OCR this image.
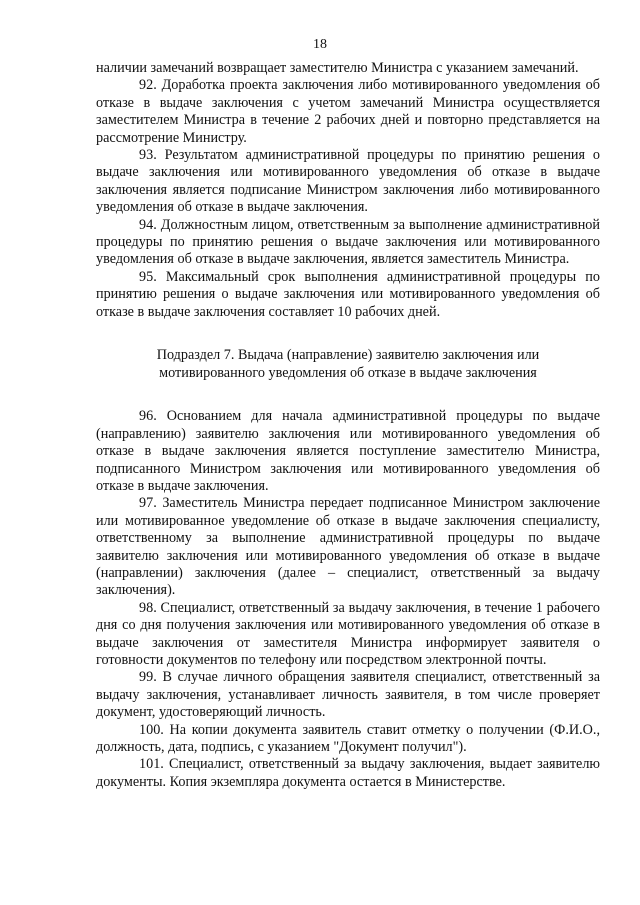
18

наличии замечаний возвращает заместителю Министра с указанием замечаний.

92. Доработка проекта заключения либо мотивированного уведомления об отказе в выдаче заключения с учетом замечаний Министра осуществляется заместителем Министра в течение 2 рабочих дней и повторно представляется на рассмотрение Министру.

93. Результатом административной процедуры по принятию решения о выдаче заключения или мотивированного уведомления об отказе в выдаче заключения является подписание Министром заключения либо мотивированного уведомления об отказе в выдаче заключения.

94. Должностным лицом, ответственным за выполнение административной процедуры по принятию решения о выдаче заключения или мотивированного уведомления об отказе в выдаче заключения, является заместитель Министра.

95. Максимальный срок выполнения административной процедуры по принятию решения о выдаче заключения или мотивированного уведомления об отказе в выдаче заключения составляет 10 рабочих дней.

Подраздел 7. Выдача (направление) заявителю заключения или
мотивированного уведомления об отказе в выдаче заключения

96. Основанием для начала административной процедуры по выдаче (направлению) заявителю заключения или мотивированного уведомления об отказе в выдаче заключения является поступление заместителю Министра, подписанного Министром заключения или мотивированного уведомления об отказе в выдаче заключения.

97. Заместитель Министра передает подписанное Министром заключение или мотивированное уведомление об отказе в выдаче заключения специалисту, ответственному за выполнение административной процедуры по выдаче заявителю заключения или мотивированного уведомления об отказе в выдаче (направлении) заключения (далее – специалист, ответственный за выдачу заключения).

98. Специалист, ответственный за выдачу заключения, в течение 1 рабочего дня со дня получения заключения или мотивированного уведомления об отказе в выдаче заключения от заместителя Министра информирует заявителя о готовности документов по телефону или посредством электронной почты.

99. В случае личного обращения заявителя специалист, ответственный за выдачу заключения, устанавливает личность заявителя, в том числе проверяет документ, удостоверяющий личность.

100. На копии документа заявитель ставит отметку о получении (Ф.И.О., должность, дата, подпись, с указанием "Документ получил").

101. Специалист, ответственный за выдачу заключения, выдает заявителю документы. Копия экземпляра документа остается в Министерстве.
